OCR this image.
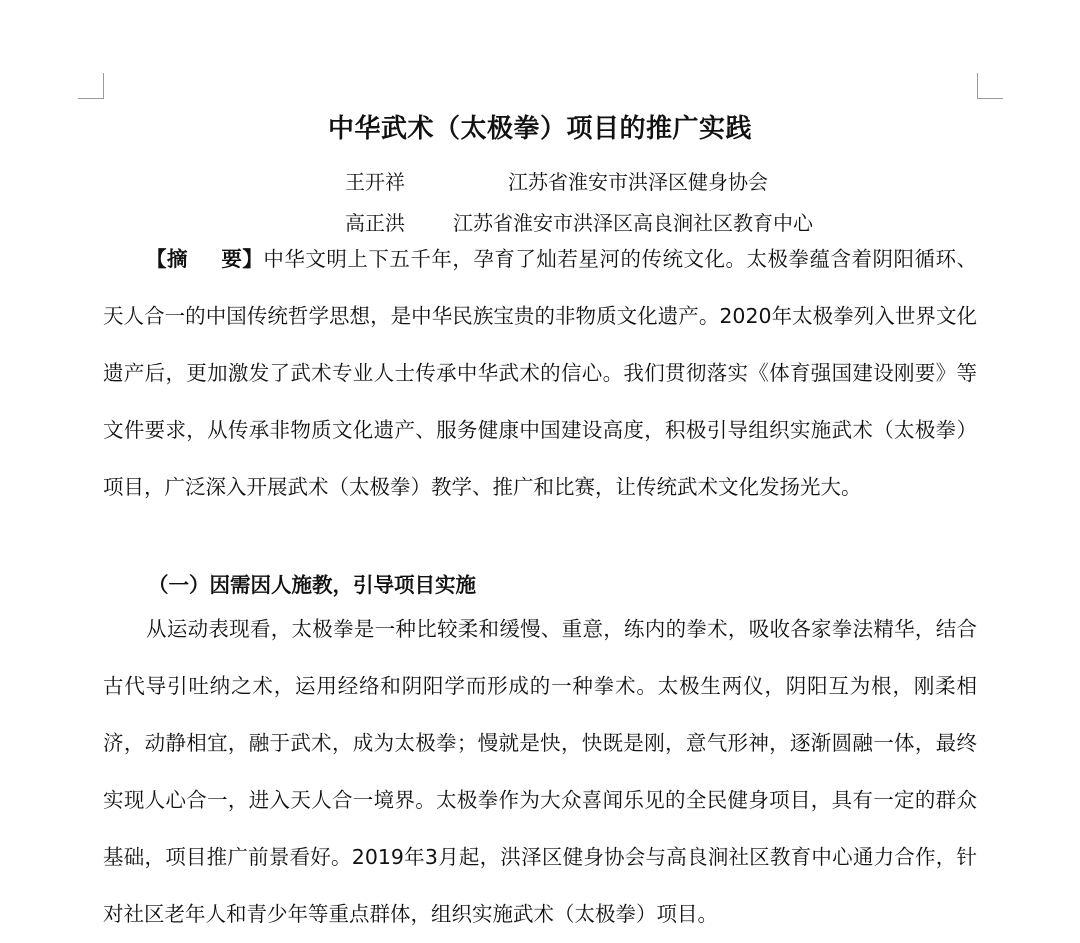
中华武术（太极拳）项目的推广实践
王开祥	江苏省淮安市洪泽区健身协会
高正洪 江苏省淮安市洪泽区高良涧社区教育中心

【摘 要】中华文明上下五千年，孕育了灿若星河的传统文化。太极拳蕴含着阴阳循环、天人合一的中国传统哲学思想，是中华民族宝贵的非物质文化遗产。2020年太极拳列入世界文化遗产后，更加激发了武术专业人士传承中华武术的信心。我们贯彻落实《体育强国建设刚要》等文件要求，从传承非物质文化遗产、服务健康中国建设高度，积极引导组织实施武术（太极拳）项目，广泛深入开展武术（太极拳）教学、推广和比赛，让传统武术文化发扬光大。

（一）因需因人施教，引导项目实施

从运动表现看，太极拳是一种比较柔和缓慢、重意，练内的拳术，吸收各家拳法精华，结合古代导引吐纳之术，运用经络和阴阳学而形成的一种拳术。太极生两仪，阴阳互为根，刚柔相济，动静相宜，融于武术，成为太极拳；慢就是快，快既是刚，意气形神，逐渐圆融一体，最终实现人心合一，进入天人合一境界。太极拳作为大众喜闻乐见的全民健身项目，具有一定的群众基础，项目推广前景看好。2019年3月起，洪泽区健身协会与高良涧社区教育中心通力合作，针对社区老年人和青少年等重点群体，组织实施武术（太极拳）项目。
